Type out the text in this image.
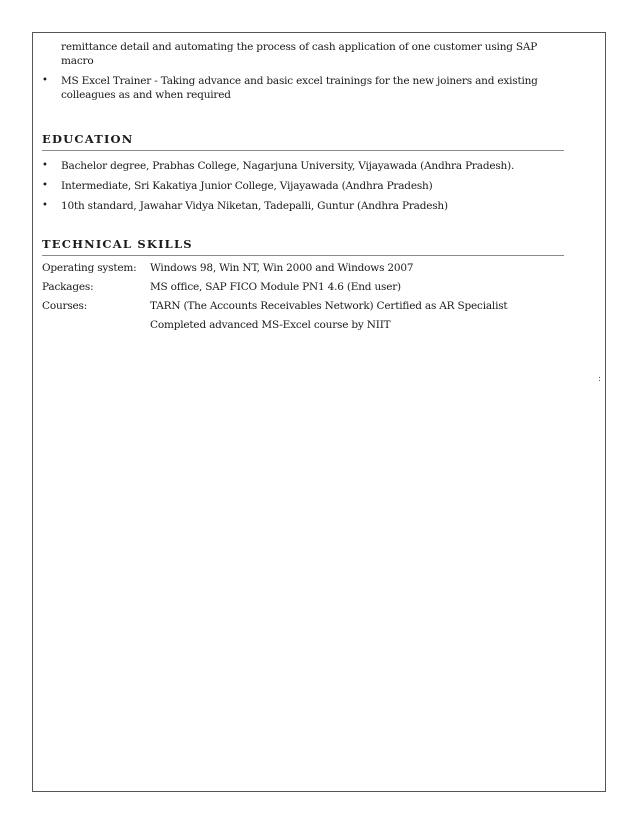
remittance detail and automating the process of cash application of one customer using SAP macro

• MS Excel Trainer - Taking advance and basic excel trainings for the new joiners and existing colleagues as and when required
EDUCATION
• Bachelor degree, Prabhas College, Nagarjuna University, Vijayawada (Andhra Pradesh).
• Intermediate, Sri Kakatiya Junior College, Vijayawada (Andhra Pradesh)
• 10th standard, Jawahar Vidya Niketan, Tadepalli, Guntur (Andhra Pradesh)
TECHNICAL SKILLS
Operating system:	Windows 98, Win NT, Win 2000 and Windows 2007
Packages:	MS office, SAP FICO Module PN1 4.6 (End user)
Courses:	TARN (The Accounts Receivables Network) Certified as AR Specialist
	Completed advanced MS-Excel course by NIIT
:
